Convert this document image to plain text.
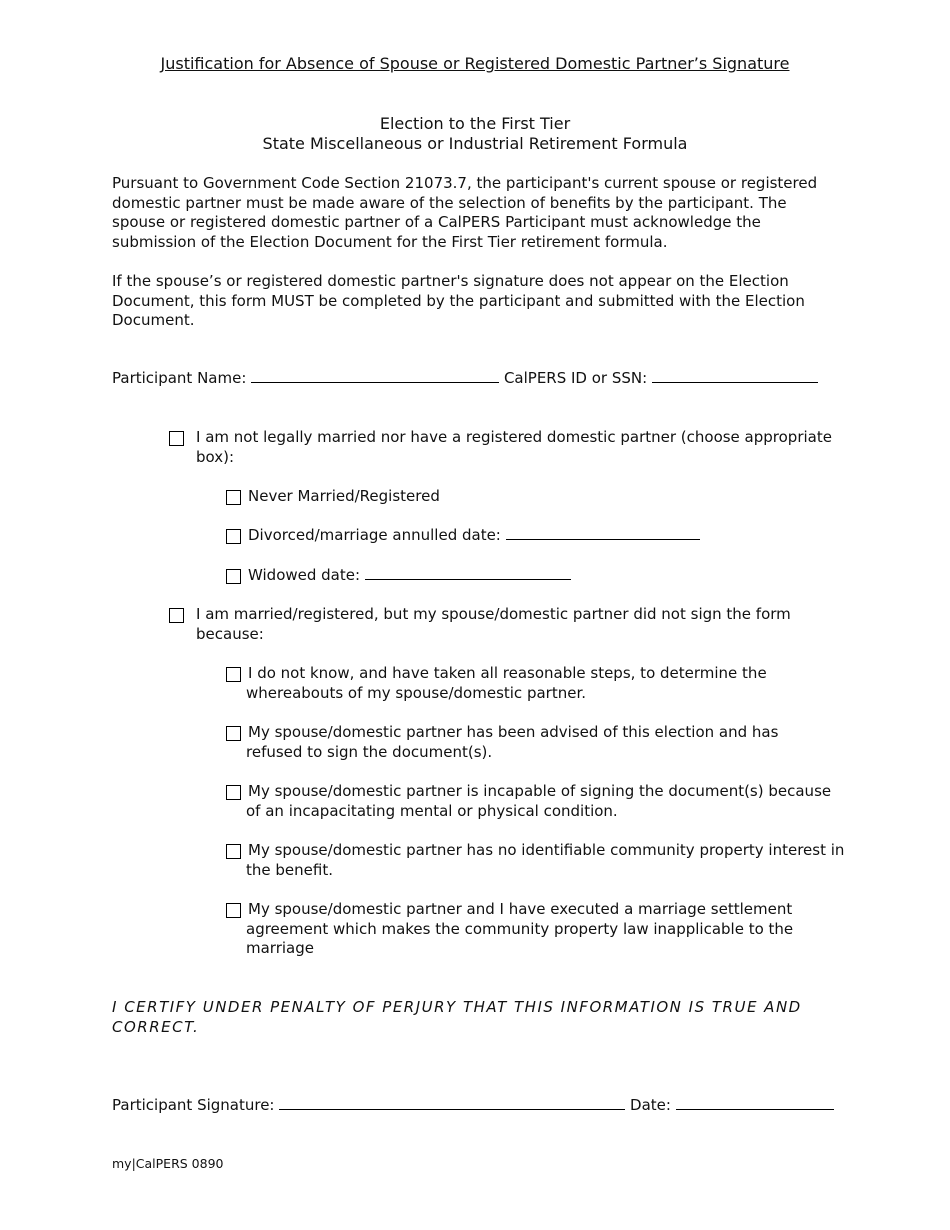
Justification for Absence of Spouse or Registered Domestic Partner’s Signature
Election to the First Tier
State Miscellaneous or Industrial Retirement Formula
Pursuant to Government Code Section 21073.7, the participant's current spouse or registered domestic partner must be made aware of the selection of benefits by the participant. The spouse or registered domestic partner of a CalPERS Participant must acknowledge the submission of the Election Document for the First Tier retirement formula.
If the spouse’s or registered domestic partner's signature does not appear on the Election Document, this form MUST be completed by the participant and submitted with the Election Document.
Participant Name:	CalPERS ID or SSN:
I am not legally married nor have a registered domestic partner (choose appropriate box):
Never Married/Registered
Divorced/marriage annulled date:
Widowed date:
I am married/registered, but my spouse/domestic partner did not sign the form because:
I do not know, and have taken all reasonable steps, to determine the whereabouts of my spouse/domestic partner.
My spouse/domestic partner has been advised of this election and has refused to sign the document(s).
My spouse/domestic partner is incapable of signing the document(s) because of an incapacitating mental or physical condition.
My spouse/domestic partner has no identifiable community property interest in the benefit.
My spouse/domestic partner and I have executed a marriage settlement agreement which makes the community property law inapplicable to the marriage
I CERTIFY UNDER PENALTY OF PERJURY THAT THIS INFORMATION IS TRUE AND CORRECT.
Participant Signature:	Date:
my|CalPERS 0890
